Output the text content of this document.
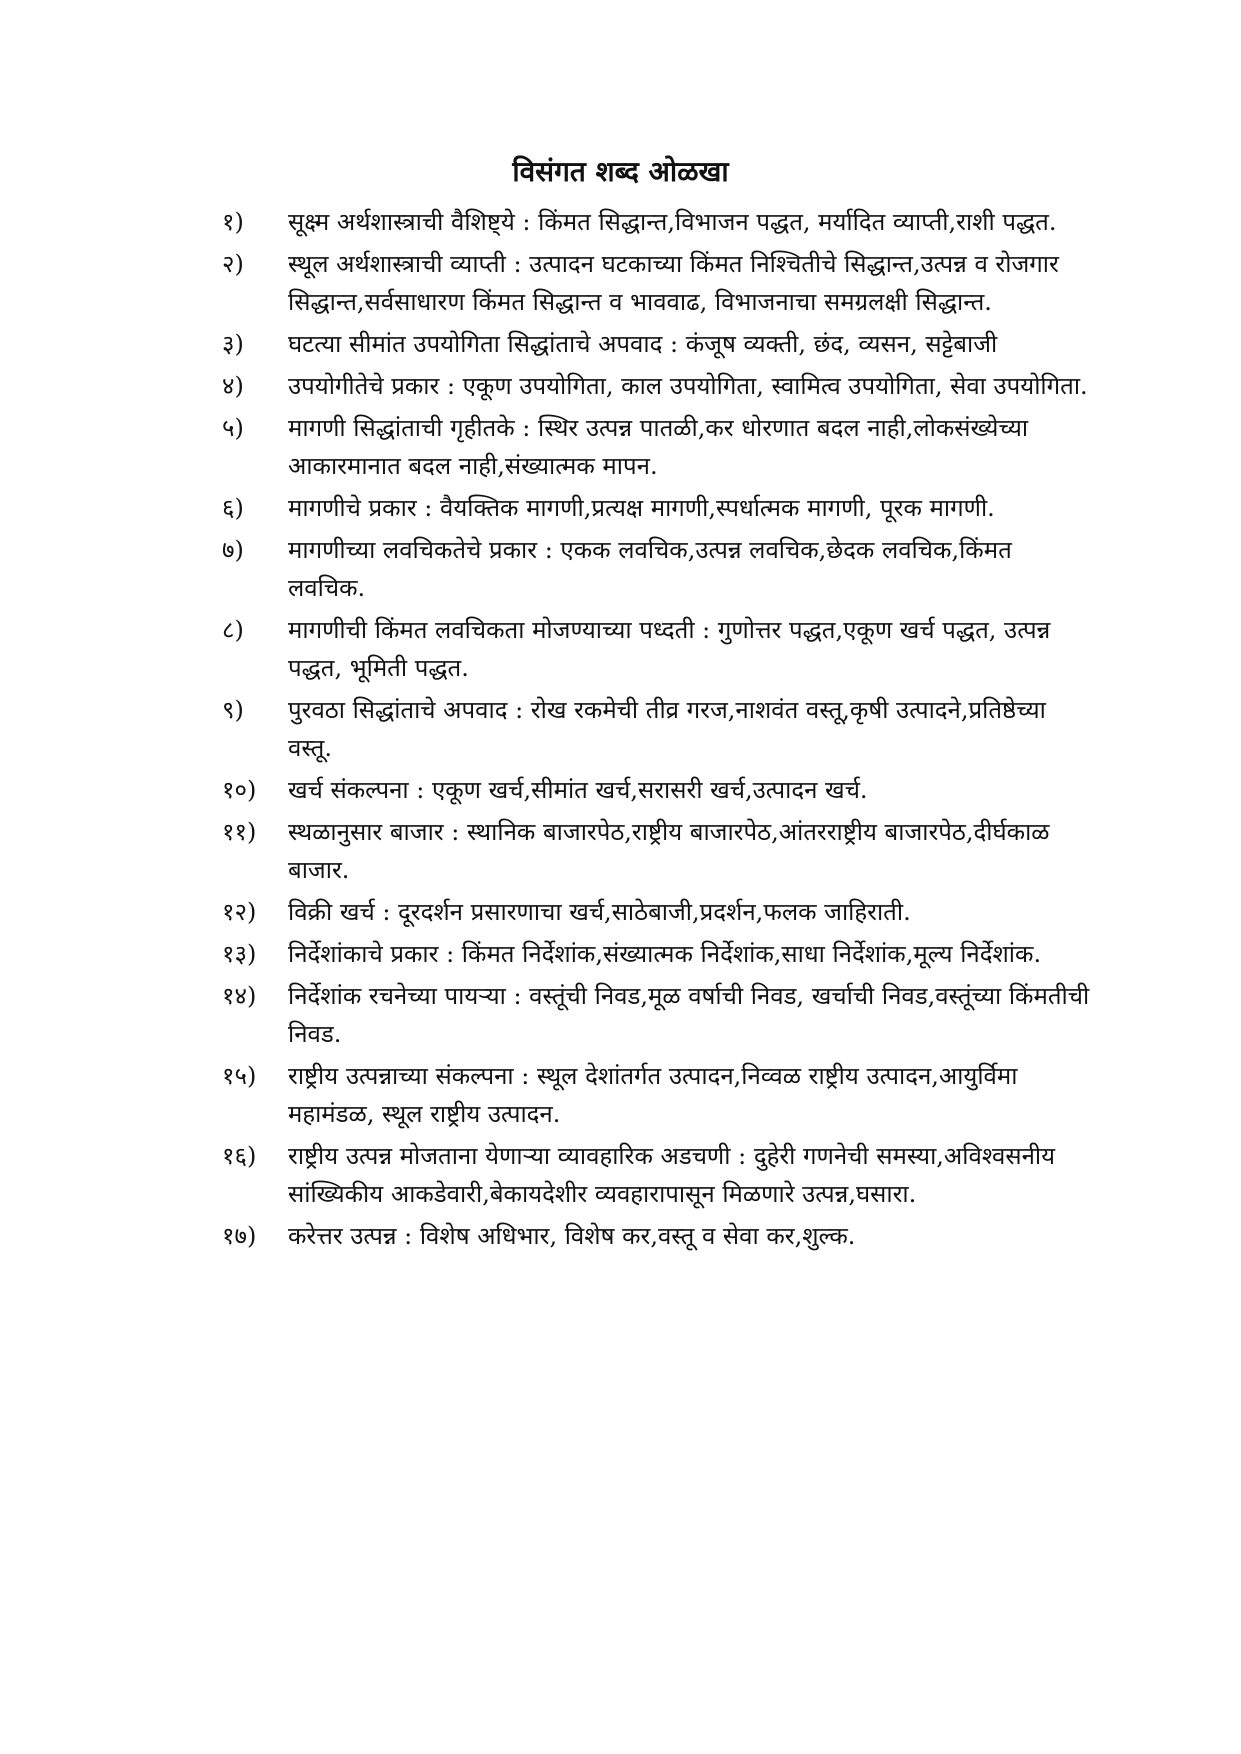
विसंगत शब्द ओळखा
१)	सूक्ष्म अर्थशास्त्राची वैशिष्ट्ये : किंमत सिद्धान्त,विभाजन पद्धत, मर्यादित व्याप्ती,राशी पद्धत.
२)	स्थूल अर्थशास्त्राची व्याप्ती : उत्पादन घटकाच्या किंमत निश्चितीचे सिद्धान्त,उत्पन्न व रोजगार सिद्धान्त,सर्वसाधारण किंमत सिद्धान्त व भाववाढ, विभाजनाचा समग्रलक्षी सिद्धान्त.
३)	घटत्या सीमांत उपयोगिता सिद्धांताचे अपवाद : कंजूष व्यक्ती, छंद, व्यसन, सट्टेबाजी
४)	उपयोगीतेचे प्रकार : एकूण उपयोगिता, काल उपयोगिता, स्वामित्व उपयोगिता, सेवा उपयोगिता.
५)	मागणी सिद्धांताची गृहीतके : स्थिर उत्पन्न पातळी,कर धोरणात बदल नाही,लोकसंख्येच्या आकारमानात बदल नाही,संख्यात्मक मापन.
६)	मागणीचे प्रकार : वैयक्तिक मागणी,प्रत्यक्ष मागणी,स्पर्धात्मक मागणी, पूरक मागणी.
७)	मागणीच्या लवचिकतेचे प्रकार : एकक लवचिक,उत्पन्न लवचिक,छेदक लवचिक,किंमत लवचिक.
८)	मागणीची किंमत लवचिकता मोजण्याच्या पध्दती : गुणोत्तर पद्धत,एकूण खर्च पद्धत, उत्पन्न पद्धत, भूमिती पद्धत.
९)	पुरवठा सिद्धांताचे अपवाद : रोख रकमेची तीव्र गरज,नाशवंत वस्तू,कृषी उत्पादने,प्रतिष्ठेच्या वस्तू.
१०)	खर्च संकल्पना : एकूण खर्च,सीमांत खर्च,सरासरी खर्च,उत्पादन खर्च.
११)	स्थळानुसार बाजार : स्थानिक बाजारपेठ,राष्ट्रीय बाजारपेठ,आंतरराष्ट्रीय बाजारपेठ,दीर्घकाळ बाजार.
१२)	विक्री खर्च : दूरदर्शन प्रसारणाचा खर्च,साठेबाजी,प्रदर्शन,फलक जाहिराती.
१३)	निर्देशांकाचे प्रकार : किंमत निर्देशांक,संख्यात्मक निर्देशांक,साधा निर्देशांक,मूल्य निर्देशांक.
१४)	निर्देशांक रचनेच्या पायऱ्या : वस्तूंची निवड,मूळ वर्षाची निवड, खर्चाची निवड,वस्तूंच्या किंमतीची निवड.
१५)	राष्ट्रीय उत्पन्नाच्या संकल्पना : स्थूल देशांतर्गत उत्पादन,निव्वळ राष्ट्रीय उत्पादन,आयुर्विमा महामंडळ, स्थूल राष्ट्रीय उत्पादन.
१६)	राष्ट्रीय उत्पन्न मोजताना येणाऱ्या व्यावहारिक अडचणी : दुहेरी गणनेची समस्या,अविश्वसनीय सांख्यिकीय आकडेवारी,बेकायदेशीर व्यवहारापासून मिळणारे उत्पन्न,घसारा.
१७)	करेत्तर उत्पन्न : विशेष अधिभार, विशेष कर,वस्तू व सेवा कर,शुल्क.
